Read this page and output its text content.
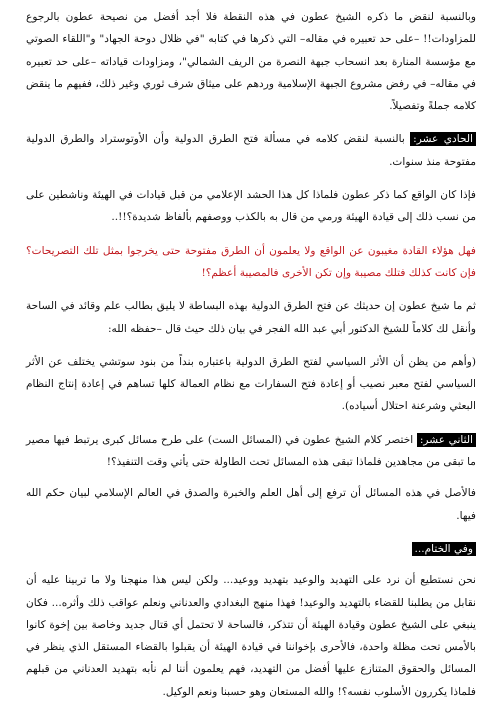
وبالنسبة لنقض ما ذكره الشيخ عطون في هذه النقطة فلا أجد أفضل من نصيحة عطون بالرجوع للمزاودات!! –على حد تعبيره في مقاله– التي ذكرها في كتابه "في ظلال دوحة الجهاد" و"اللقاء الصوتي مع مؤسسة المنارة بعد انسحاب جبهة النصرة من الريف الشمالي"، ومزاودات قياداته –على حد تعبيره في مقاله– في رفض مشروع الجبهة الإسلامية وردهم على ميثاق شرف ثوري وغير ذلك، ففيهم ما ينقض كلامه جملةً وتفصيلاً.

الحادي عشر: بالنسبة لنقض كلامه في مسألة فتح الطرق الدولية وأن الأوتوستراد والطرق الدولية مفتوحة منذ سنوات.

فإذا كان الواقع كما ذكر عطون فلماذا كل هذا الحشد الإعلامي من قبل قيادات في الهيئة وناشطين على من نسب ذلك إلى قيادة الهيئة ورمي من قال به بالكذب ووصفهم بألفاظ شديدة؟!!..

فهل هؤلاء القادة مغيبون عن الواقع ولا يعلمون أن الطرق مفتوحة حتى يخرجوا بمثل تلك التصريحات؟ فإن كانت كذلك فتلك مصيبة وإن تكن الأخرى فالمصيبة أعظم؟!

ثم ما شيخ عطون إن حديثك عن فتح الطرق الدولية بهذه البساطة لا يليق بطالب علم وقائد في الساحة وأنقل لك كلاماً للشيخ الدكتور أبي عبد الله الفجر في بيان ذلك حيث قال –حفظه الله:

(وأهم من يظن أن الأثر السياسي لفتح الطرق الدولية باعتباره بنداً من بنود سوتشي يختلف عن الأثر السياسي لفتح معبر نصيب أو إعادة فتح السفارات مع نظام العمالة كلها تساهم في إعادة إنتاج النظام البعثي وشرعنة احتلال أسياده).

الثاني عشر: اختصر كلام الشيخ عطون في (المسائل الست) على طرح مسائل كبرى يرتبط فيها مصير ما تبقى من مجاهدين فلماذا تبقى هذه المسائل تحت الطاولة حتى يأتي وقت التنفيذ؟!

فالأصل في هذه المسائل أن ترفع إلى أهل العلم والخبرة والصدق في العالم الإسلامي لبيان حكم الله فيها.

وفي الختام...

نحن نستطيع أن نرد على التهديد والوعيد بتهديد ووعيد... ولكن ليس هذا منهجنا ولا ما تربينا عليه أن نقابل من يطلبنا للقضاء بالتهديد والوعيد! فهذا منهج البغدادي والعدناني ونعلم عواقب ذلك وأثره... فكان ينبغي على الشيخ عطون وقيادة الهيئة أن تتذكر، فالساحة لا تحتمل أي قتال جديد وخاصة بين إخوة كانوا بالأمس تحت مظلة واحدة، فالأحرى بإخواننا في قيادة الهيئة أن يقبلوا بالقضاء المستقل الذي ينظر في المسائل والحقوق المتنازع عليها أفضل من التهديد، فهم يعلمون أننا لم نأبه بتهديد العدناني من قبلهم فلماذا يكررون الأسلوب نفسه؟! والله المستعان وهو حسبنا ونعم الوكيل.
